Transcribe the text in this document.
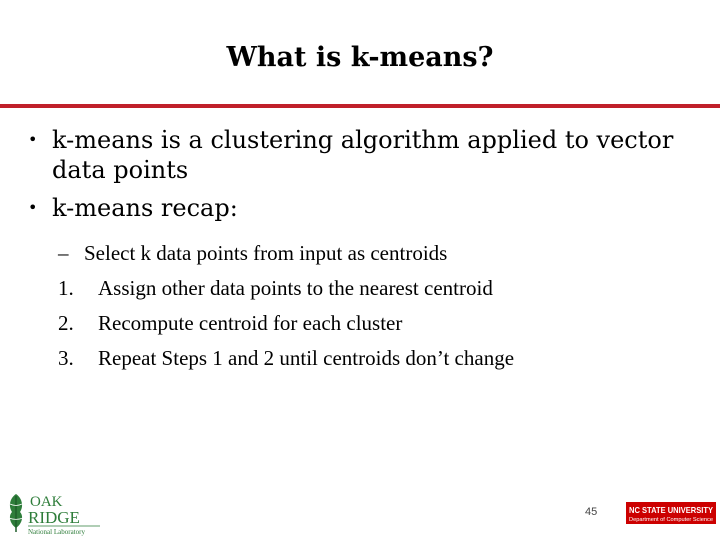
What is k-means?
• k-means is a clustering algorithm applied to vector data points
• k-means recap:
– Select k data points from input as centroids
1. Assign other data points to the nearest centroid
2. Recompute centroid for each cluster
3. Repeat Steps 1 and 2 until centroids don’t change
OAK
RIDGE
National Laboratory
45	NC STATE UNIVERSITY
Department of Computer Science
